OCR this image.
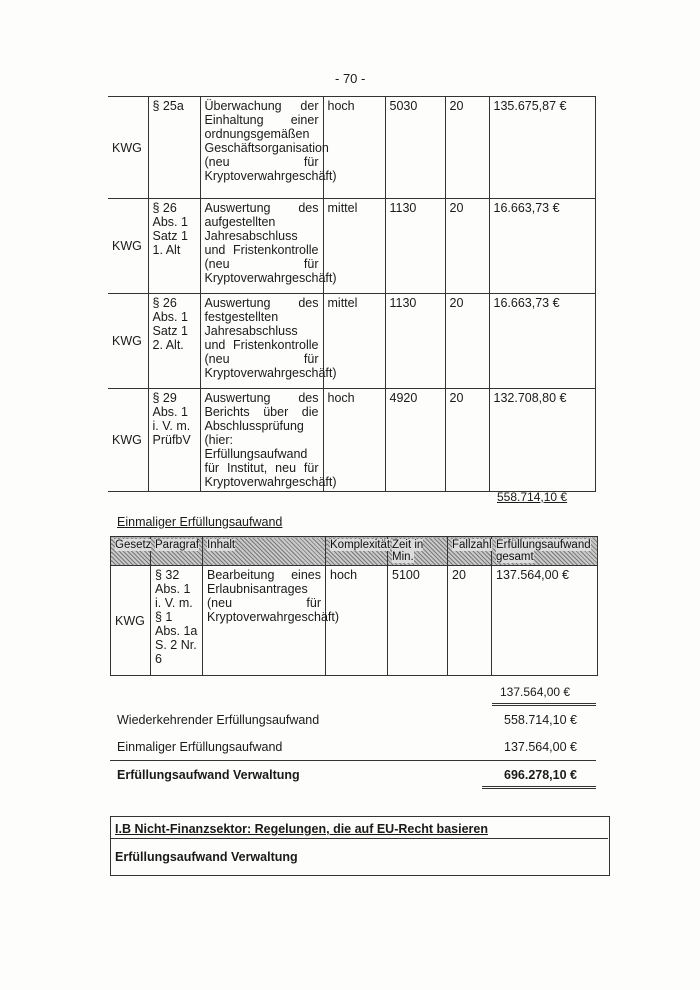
- 70 -
KWG	§ 25a	Überwachung der Einhaltung einer ordnungsgemäßen Geschäftsorganisation (neu für Kryptoverwahrgeschäft)	hoch	5030	20	135.675,87 €
KWG	§ 26 Abs. 1 Satz 1 1. Alt	Auswertung des aufgestellten Jahresabschluss und Fristenkontrolle (neu für Kryptoverwahrgeschäft)	mittel	1130	20	16.663,73 €
KWG	§ 26 Abs. 1 Satz 1 2. Alt.	Auswertung des festgestellten Jahresabschluss und Fristenkontrolle (neu für Kryptoverwahrgeschäft)	mittel	1130	20	16.663,73 €
KWG	§ 29 Abs. 1 i. V. m. PrüfbV	Auswertung des Berichts über die Abschlussprüfung (hier: Erfüllungsaufwand für Institut, neu für Kryptoverwahrgeschäft)	hoch	4920	20	132.708,80 €
558.714,10 €
Einmaliger Erfüllungsaufwand
Gesetz	Paragraf	Inhalt	Komplexität	Zeit in Min.	Fallzahl	Erfüllungsaufwand gesamt
KWG	§ 32 Abs. 1 i. V. m. § 1 Abs. 1a S. 2 Nr. 6	Bearbeitung eines Erlaubnisantrages (neu für Kryptoverwahrgeschäft)	hoch	5100	20	137.564,00 €
137.564,00 €
Wiederkehrender Erfüllungsaufwand	558.714,10 €
Einmaliger Erfüllungsaufwand	137.564,00 €
Erfüllungsaufwand Verwaltung	696.278,10 €
I.B Nicht-Finanzsektor: Regelungen, die auf EU-Recht basieren
Erfüllungsaufwand Verwaltung
